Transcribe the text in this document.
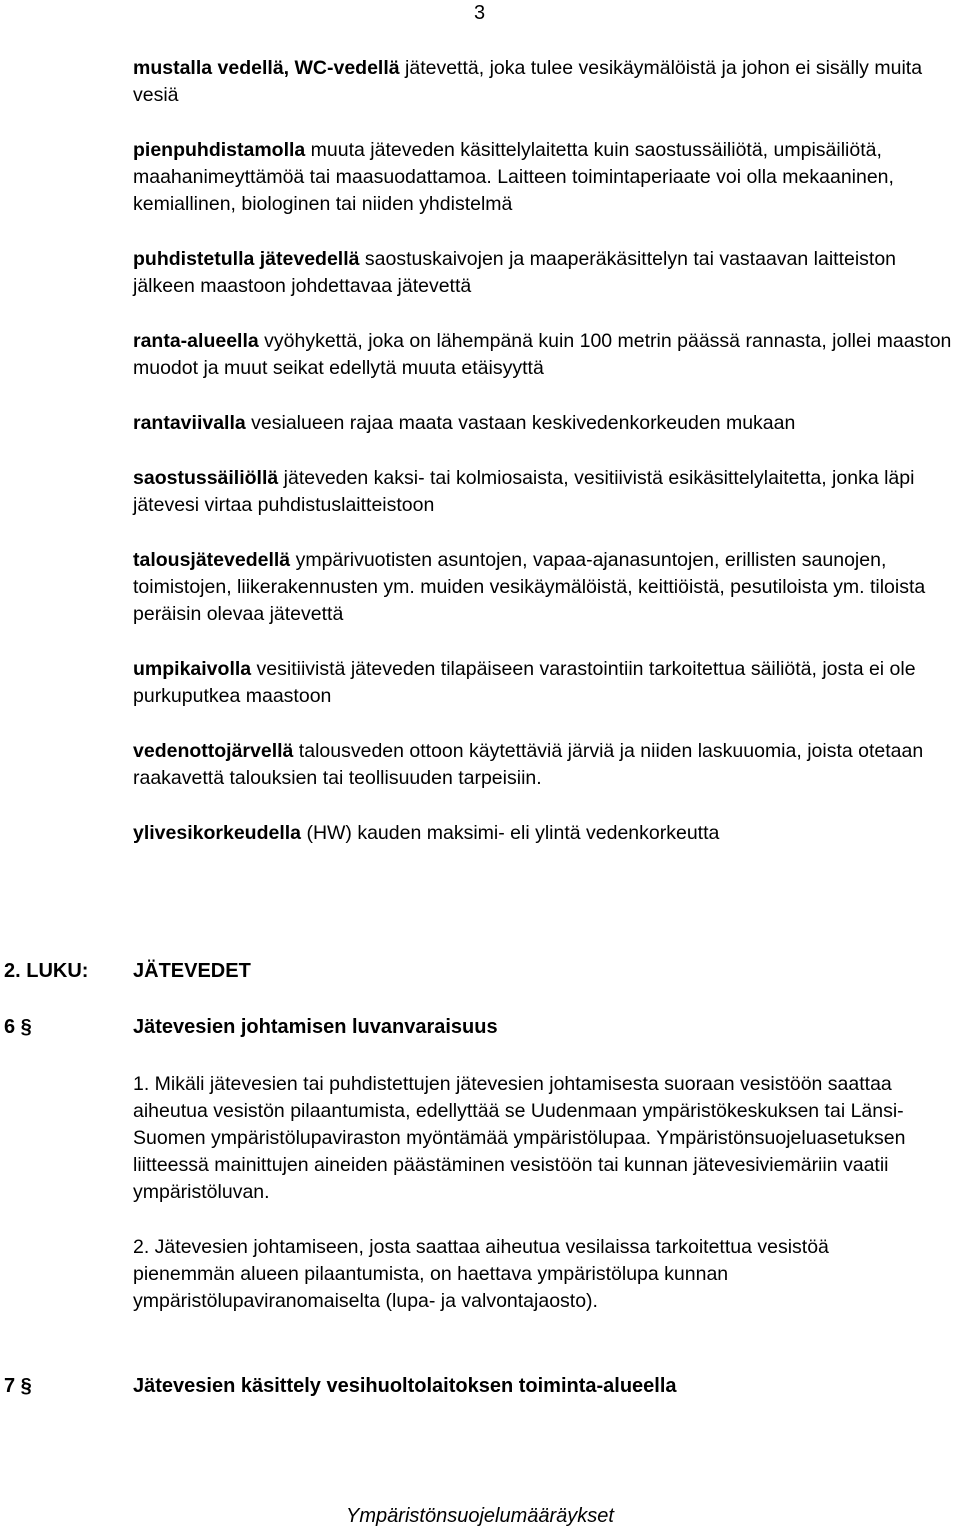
3

mustalla vedellä, WC-vedellä jätevettä, joka tulee vesikäymälöistä ja johon ei sisälly muita vesiä

pienpuhdistamolla muuta jäteveden käsittelylaitetta kuin saostussäiliötä, umpisäiliötä, maahanimeyttämöä tai maasuodattamoa. Laitteen toimintaperiaate voi olla mekaaninen, kemiallinen, biologinen tai niiden yhdistelmä

puhdistetulla jätevedellä saostuskaivojen ja maaperäkäsittelyn tai vastaavan laitteiston jälkeen maastoon johdettavaa jätevettä

ranta-alueella vyöhykettä, joka on lähempänä kuin 100 metrin päässä rannasta, jollei maaston muodot ja muut seikat edellytä muuta etäisyyttä

rantaviivalla vesialueen rajaa maata vastaan keskivedenkorkeuden mukaan

saostussäiliöllä jäteveden kaksi- tai kolmiosaista, vesitiivistä esikäsittelylaitetta, jonka läpi jätevesi virtaa puhdistuslaitteistoon

talousjätevedellä ympärivuotisten asuntojen, vapaa-ajanasuntojen, erillisten saunojen, toimistojen, liikerakennusten ym. muiden vesikäymälöistä, keittiöistä, pesutiloista ym. tiloista peräisin olevaa jätevettä

umpikaivolla vesitiivistä jäteveden tilapäiseen varastointiin tarkoitettua säiliötä, josta ei ole purkuputkea maastoon

vedenottojärvellä talousveden ottoon käytettäviä järviä ja niiden laskuuomia, joista otetaan raakavettä talouksien tai teollisuuden tarpeisiin.

ylivesikorkeudella (HW) kauden maksimi- eli ylintä vedenkorkeutta

2. LUKU: JÄTEVEDET
6 §	Jätevesien johtamisen luvanvaraisuus

1. Mikäli jätevesien tai puhdistettujen jätevesien johtamisesta suoraan vesistöön saattaa aiheutua vesistön pilaantumista, edellyttää se Uudenmaan ympäristökeskuksen tai Länsi-Suomen ympäristölupaviraston myöntämää ympäristölupaa. Ympäristönsuojeluasetuksen liitteessä mainittujen aineiden päästäminen vesistöön tai kunnan jätevesiviemäriin vaatii ympäristöluvan.

2. Jätevesien johtamiseen, josta saattaa aiheutua vesilaissa tarkoitettua vesistöä pienemmän alueen pilaantumista, on haettava ympäristölupa kunnan ympäristölupaviranomaiselta (lupa- ja valvontajaosto).

7 §	Jätevesien käsittely vesihuoltolaitoksen toiminta-alueella
Ympäristönsuojelumääräykset
